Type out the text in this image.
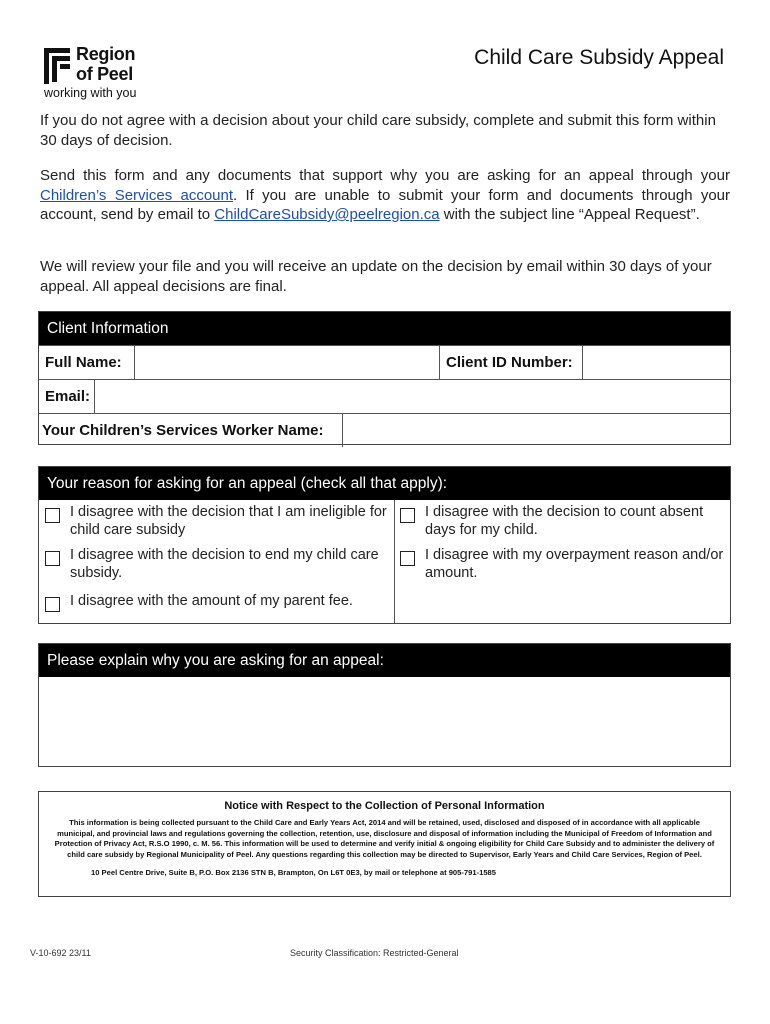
Region
of Peel
working with you
Child Care Subsidy Appeal
If you do not agree with a decision about your child care subsidy, complete and submit this form within 30 days of decision.
Send this form and any documents that support why you are asking for an appeal through your Children’s Services account. If you are unable to submit your form and documents through your account, send by email to ChildCareSubsidy@peelregion.ca with the subject line “Appeal Request”.
We will review your file and you will receive an update on the decision by email within 30 days of your appeal. All appeal decisions are final.
Client Information
Full Name:	Client ID Number:
Email:
Your Children’s Services Worker Name:
Your reason for asking for an appeal (check all that apply):
I disagree with the decision that I am ineligible for child care subsidy
I disagree with the decision to end my child care subsidy.
I disagree with the amount of my parent fee.
I disagree with the decision to count absent days for my child.
I disagree with my overpayment reason and/or amount.
Please explain why you are asking for an appeal:
Notice with Respect to the Collection of Personal Information
This information is being collected pursuant to the Child Care and Early Years Act, 2014 and will be retained, used, disclosed and disposed of in accordance with all applicable municipal, and provincial laws and regulations governing the collection, retention, use, disclosure and disposal of information including the Municipal of Freedom of Information and Protection of Privacy Act, R.S.O 1990, c. M. 56. This information will be used to determine and verify initial & ongoing eligibility for Child Care Subsidy and to administer the delivery of child care subsidy by Regional Municipality of Peel. Any questions regarding this collection may be directed to Supervisor, Early Years and Child Care Services, Region of Peel.
10 Peel Centre Drive, Suite B, P.O. Box 2136 STN B, Brampton, On L6T 0E3, by mail or telephone at 905-791-1585
V-10-692 23/11	Security Classification: Restricted-General
